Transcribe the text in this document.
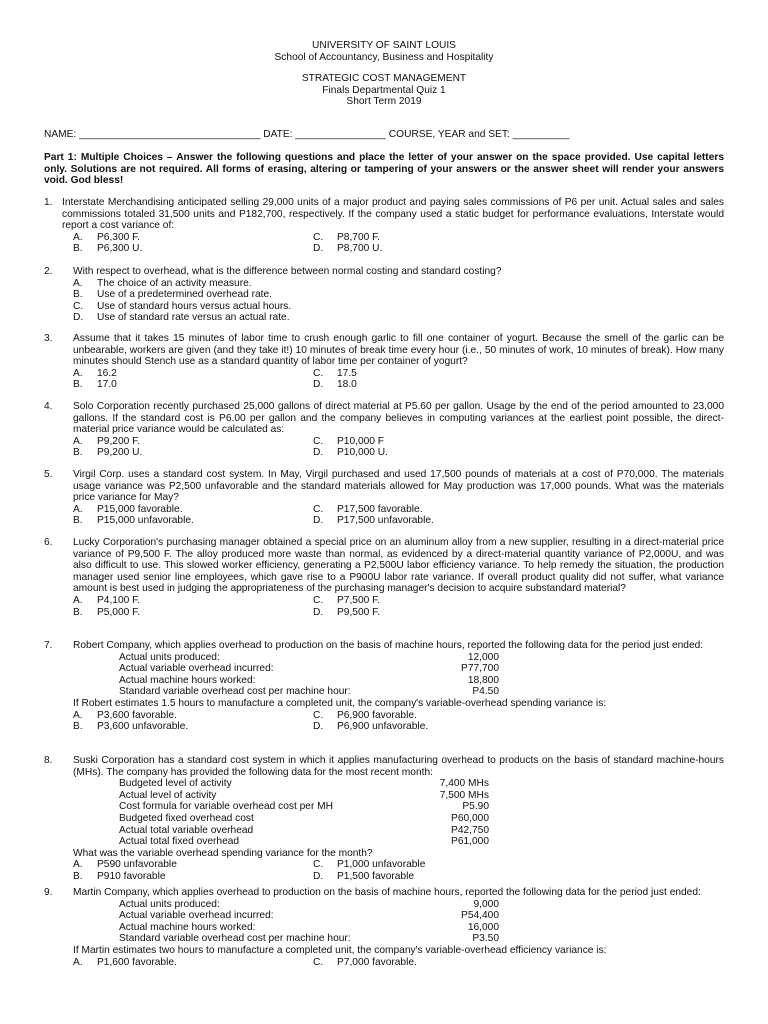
UNIVERSITY OF SAINT LOUIS
School of Accountancy, Business and Hospitality
STRATEGIC COST MANAGEMENT
Finals Departmental Quiz 1
Short Term 2019
NAME: ________________________________ DATE: ________________ COURSE, YEAR and SET: __________
Part 1: Multiple Choices – Answer the following questions and place the letter of your answer on the space provided. Use capital letters only. Solutions are not required. All forms of erasing, altering or tampering of your answers or the answer sheet will render your answers void. God bless!
1. Interstate Merchandising anticipated selling 29,000 units of a major product and paying sales commissions of P6 per unit. Actual sales and sales commissions totaled 31,500 units and P182,700, respectively. If the company used a static budget for performance evaluations, Interstate would report a cost variance of:
A.	P6,300 F.	C.	P8,700 F.
B.	P6,300 U.	D.	P8,700 U.
2.	With respect to overhead, what is the difference between normal costing and standard costing?
A.	The choice of an activity measure.
B.	Use of a predetermined overhead rate.
C.	Use of standard hours versus actual hours.
D.	Use of standard rate versus an actual rate.
3.	Assume that it takes 15 minutes of labor time to crush enough garlic to fill one container of yogurt. Because the smell of the garlic can be unbearable, workers are given (and they take it!) 10 minutes of break time every hour (i.e., 50 minutes of work, 10 minutes of break). How many minutes should Stench use as a standard quantity of labor time per container of yogurt?
A.	16.2	C.	17.5
B.	17.0	D.	18.0
4.	Solo Corporation recently purchased 25,000 gallons of direct material at P5.60 per gallon. Usage by the end of the period amounted to 23,000 gallons. If the standard cost is P6.00 per gallon and the company believes in computing variances at the earliest point possible, the direct-material price variance would be calculated as:
A.	P9,200 F.	C.	P10,000 F
B.	P9,200 U.	D.	P10,000 U.
5.	Virgil Corp. uses a standard cost system. In May, Virgil purchased and used 17,500 pounds of materials at a cost of P70,000. The materials usage variance was P2,500 unfavorable and the standard materials allowed for May production was 17,000 pounds. What was the materials price variance for May?
A.	P15,000 favorable.	C.	P17,500 favorable.
B.	P15,000 unfavorable.	D.	P17,500 unfavorable.
6.	Lucky Corporation's purchasing manager obtained a special price on an aluminum alloy from a new supplier, resulting in a direct-material price variance of P9,500 F. The alloy produced more waste than normal, as evidenced by a direct-material quantity variance of P2,000U, and was also difficult to use. This slowed worker efficiency, generating a P2,500U labor efficiency variance. To help remedy the situation, the production manager used senior line employees, which gave rise to a P900U labor rate variance. If overall product quality did not suffer, what variance amount is best used in judging the appropriateness of the purchasing manager's decision to acquire substandard material?
A.	P4,100 F.	C.	P7,500 F.
B.	P5,000 F.	D.	P9,500 F.
7.	Robert Company, which applies overhead to production on the basis of machine hours, reported the following data for the period just ended:
Actual units produced:	12,000
Actual variable overhead incurred:	P77,700
Actual machine hours worked:	18,800
Standard variable overhead cost per machine hour:	P4.50
If Robert estimates 1.5 hours to manufacture a completed unit, the company's variable-overhead spending variance is:
A.	P3,600 favorable.	C.	P6,900 favorable.
B.	P3,600 unfavorable.	D.	P6,900 unfavorable.
8.	Suski Corporation has a standard cost system in which it applies manufacturing overhead to products on the basis of standard machine-hours (MHs). The company has provided the following data for the most recent month:
Budgeted level of activity	7,400 MHs
Actual level of activity	7,500 MHs
Cost formula for variable overhead cost per MH	P5.90
Budgeted fixed overhead cost	P60,000
Actual total variable overhead	P42,750
Actual total fixed overhead	P61,000
What was the variable overhead spending variance for the month?
A.	P590 unfavorable	C.	P1,000 unfavorable
B.	P910 favorable	D.	P1,500 favorable
9.	Martin Company, which applies overhead to production on the basis of machine hours, reported the following data for the period just ended:
Actual units produced:	9,000
Actual variable overhead incurred:	P54,400
Actual machine hours worked:	16,000
Standard variable overhead cost per machine hour:	P3.50
If Martin estimates two hours to manufacture a completed unit, the company's variable-overhead efficiency variance is:
A.	P1,600 favorable.	C.	P7,000 favorable.
